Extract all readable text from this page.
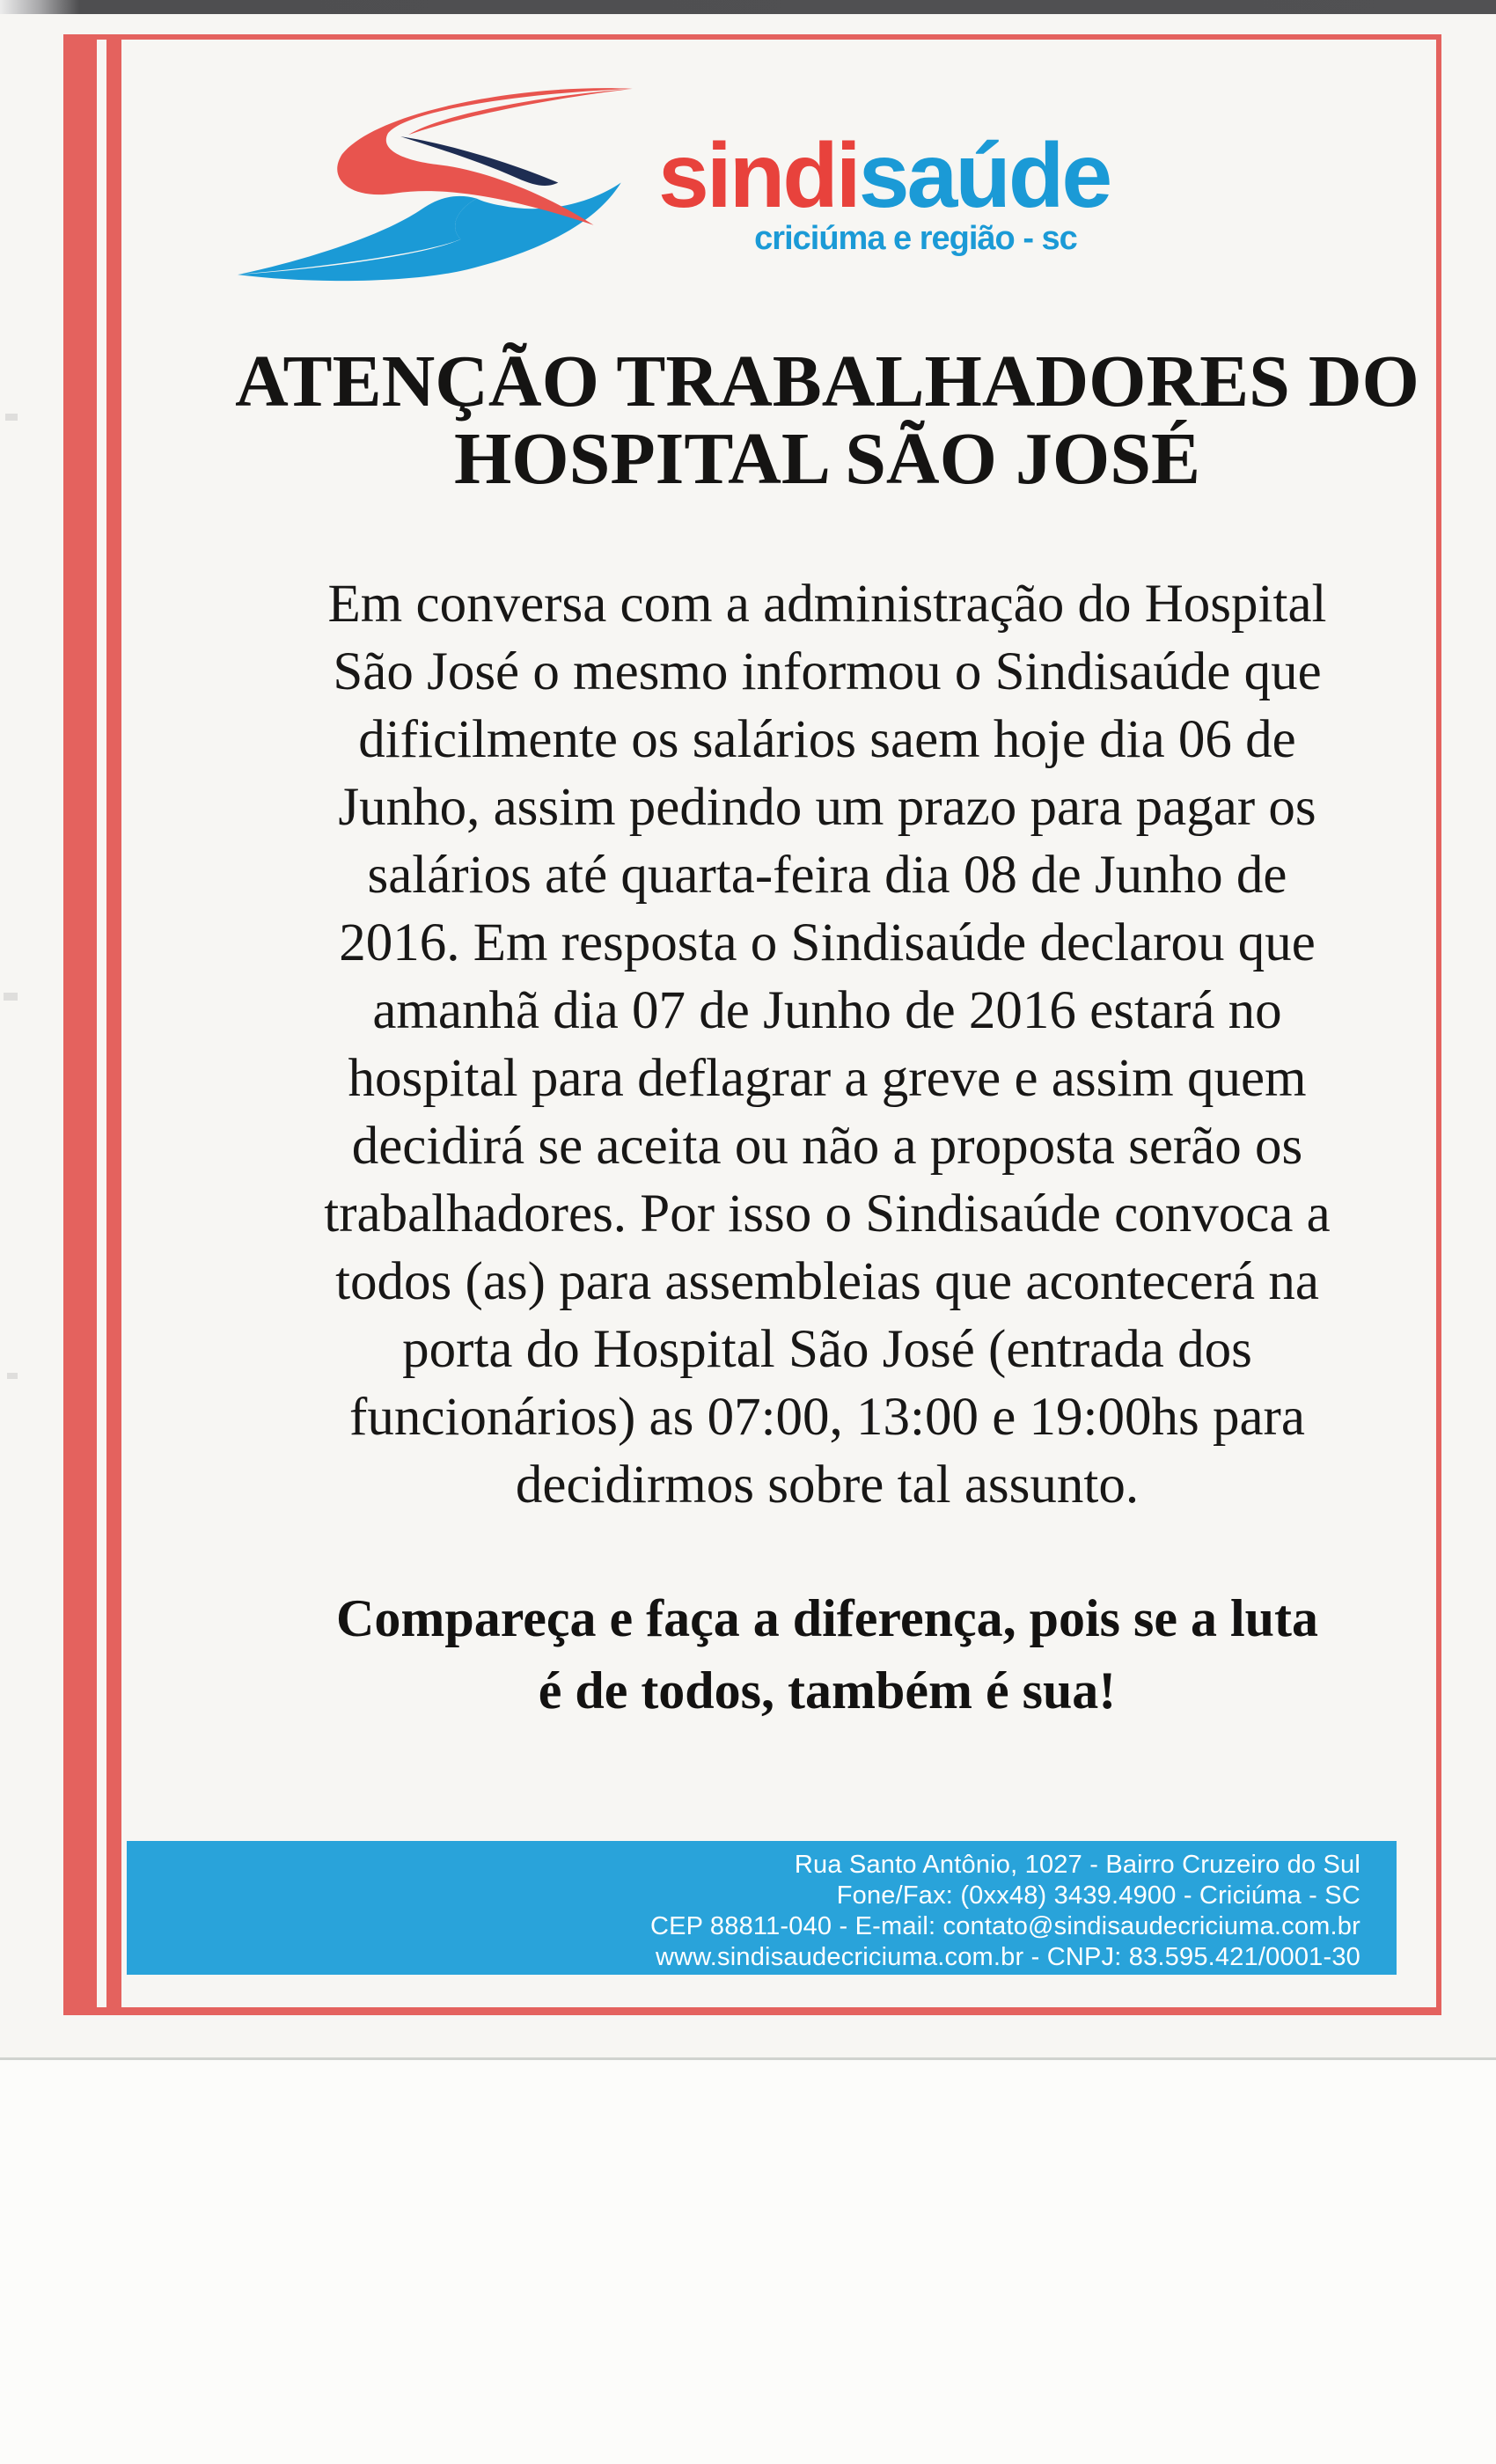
sindisaúde
criciúma e região - sc
ATENÇÃO TRABALHADORES DO
HOSPITAL SÃO JOSÉ
Em conversa com a administração do Hospital
São José o mesmo informou o Sindisaúde que
dificilmente os salários saem hoje dia 06 de
Junho, assim pedindo um prazo para pagar os
salários até quarta-feira dia 08 de Junho de
2016. Em resposta o Sindisaúde declarou que
amanhã dia 07 de Junho de 2016 estará no
hospital para deflagrar a greve e assim quem
decidirá se aceita ou não a proposta serão os
trabalhadores. Por isso o Sindisaúde convoca a
todos (as) para assembleias que acontecerá na
porta do Hospital São José (entrada dos
funcionários) as 07:00, 13:00 e 19:00hs para
decidirmos sobre tal assunto.
Compareça e faça a diferença, pois se a luta
é de todos, também é sua!
Rua Santo Antônio, 1027 - Bairro Cruzeiro do Sul
Fone/Fax: (0xx48) 3439.4900 - Criciúma - SC
CEP 88811-040 - E-mail: contato@sindisaudecriciuma.com.br
www.sindisaudecriciuma.com.br - CNPJ: 83.595.421/0001-30
